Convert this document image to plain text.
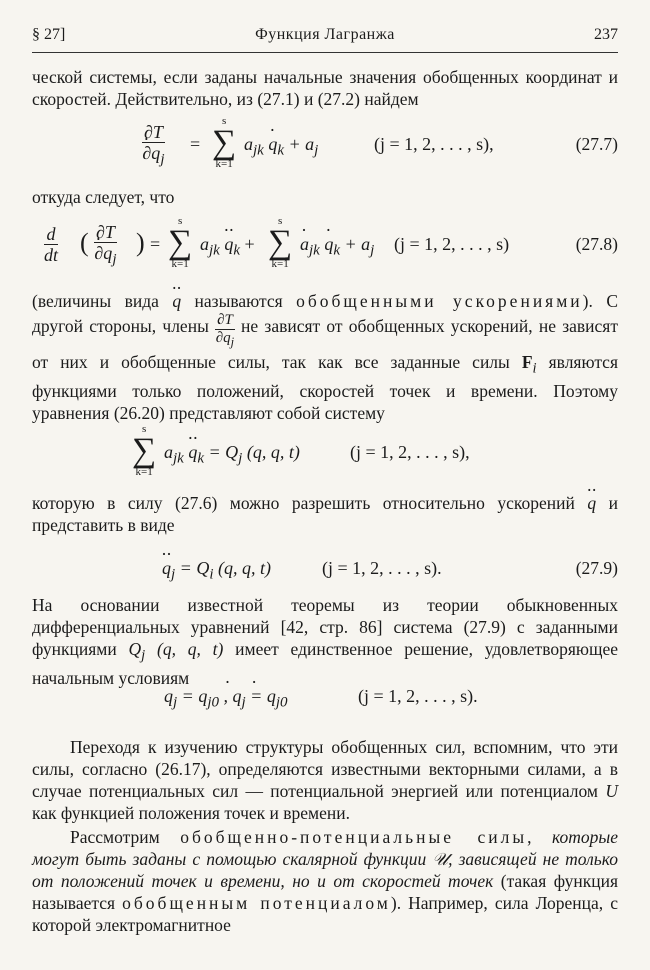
§ 27]	Функция Лагранжа	237

ческой системы, если заданы начальные значения обобщенных координат и скоростей. Действительно, из (27.1) и (27.2) найдем

$\frac{\partial T}{\partial q \cdot_j}$ =
s
∑
k=1
$a_{jk}$ $q \cdot_k + a_j$	(j = 1, 2, . . . , s),	(27.7)

откуда следует, что

$\frac{d}{dt}$ ( $\frac{\partial T}{\partial q \cdot_j}$ ) =
s
∑
k=1
$a_{jk}$ $q \cdot\cdot_k$ +
s
∑
k=1
$a \cdot_{jk}$ $q \cdot_k + a_j$ (j = 1, 2, . . . , s)	(27.8)

(величины вида q ·· называются обобщенными ускорениями). С другой стороны, члены $\frac{\partial T}{\partial q \cdot_j}$ не зависят от обобщенных ускорений, не зависят от них и обобщенные силы, так как все заданные силы $F_i$ являются функциями только положений, скоростей точек и времени. Поэтому уравнения (26.20) представляют собой систему

s
∑
k=1
$a_{jk}$ $q \cdot\cdot_k = Q_j$ (q, q, t)	(j = 1, 2, . . . , s),

которую в силу (27.6) можно разрешить относительно ускорений q ·· и представить в виде

$q \cdot\cdot_j = Q_i$ (q, q, t)	(j = 1, 2, . . . , s).	(27.9)

На основании известной теоремы из теории обыкновенных дифференциальных уравнений [42, стр. 86] система (27.9) с заданными функциями $Q_j$ (q, q, t) имеет единственное решение, удовлетворяющее начальным условиям

$q_j = q_{j0}$ , $q \cdot_j = q \cdot_{j0}$	(j = 1, 2, . . . , s).

Переходя к изучению структуры обобщенных сил, вспомним, что эти силы, согласно (26.17), определяются известными векторными силами, а в случае потенциальных сил — потенциальной энергией или потенциалом U как функцией положения точек и времени.

Рассмотрим обобщенно-потенциальные силы, которые могут быть заданы с помощью скалярной функции 𝒰, зависящей не только от положений точек и времени, но и от скоростей точек (такая функция называется обобщенным потенциалом). Например, сила Лоренца, с которой электромагнитное
